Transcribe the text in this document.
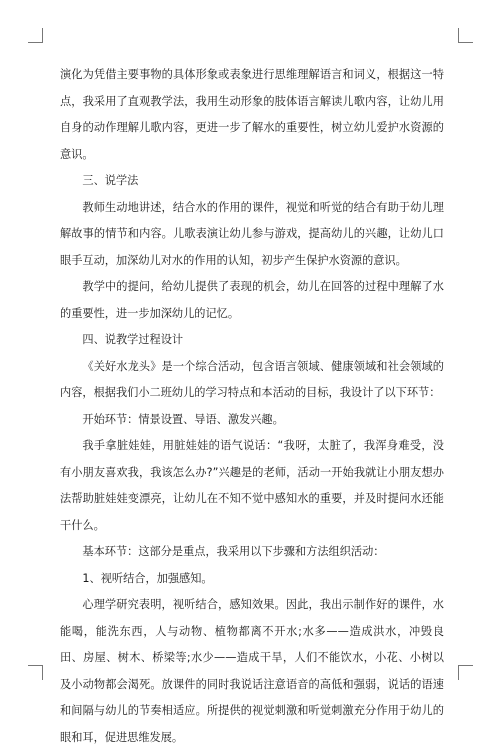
演化为凭借主要事物的具体形象或表象进行思维理解语言和词义，根据这一特点，我采用了直观教学法，我用生动形象的肢体语言解读儿歌内容，让幼儿用自身的动作理解儿歌内容，更进一步了解水的重要性，树立幼儿爱护水资源的意识。

三、说学法

教师生动地讲述，结合水的作用的课件，视觉和听觉的结合有助于幼儿理解故事的情节和内容。儿歌表演让幼儿参与游戏，提高幼儿的兴趣，让幼儿口眼手互动，加深幼儿对水的作用的认知，初步产生保护水资源的意识。

教学中的提问，给幼儿提供了表现的机会，幼儿在回答的过程中理解了水的重要性，进一步加深幼儿的记忆。

四、说教学过程设计

《关好水龙头》是一个综合活动，包含语言领域、健康领域和社会领域的内容，根据我们小二班幼儿的学习特点和本活动的目标，我设计了以下环节：

开始环节：情景设置、导语、激发兴趣。

我手拿脏娃娃，用脏娃娃的语气说话：“我呀，太脏了，我浑身难受，没有小朋友喜欢我，我该怎么办?”兴趣是的老师，活动一开始我就让小朋友想办法帮助脏娃娃变漂亮，让幼儿在不知不觉中感知水的重要，并及时提问水还能干什么。

基本环节：这部分是重点，我采用以下步骤和方法组织活动：

1、视听结合，加强感知。

心理学研究表明，视听结合，感知效果。因此，我出示制作好的课件，水能喝，能洗东西，人与动物、植物都离不开水;水多——造成洪水，冲毁良田、房屋、树木、桥梁等;水少——造成干旱，人们不能饮水，小花、小树以及小动物都会渴死。放课件的同时我说话注意语音的高低和强弱，说话的语速和间隔与幼儿的节奏相适应。所提供的视觉刺激和听觉刺激充分作用于幼儿的眼和耳，促进思维发展。
